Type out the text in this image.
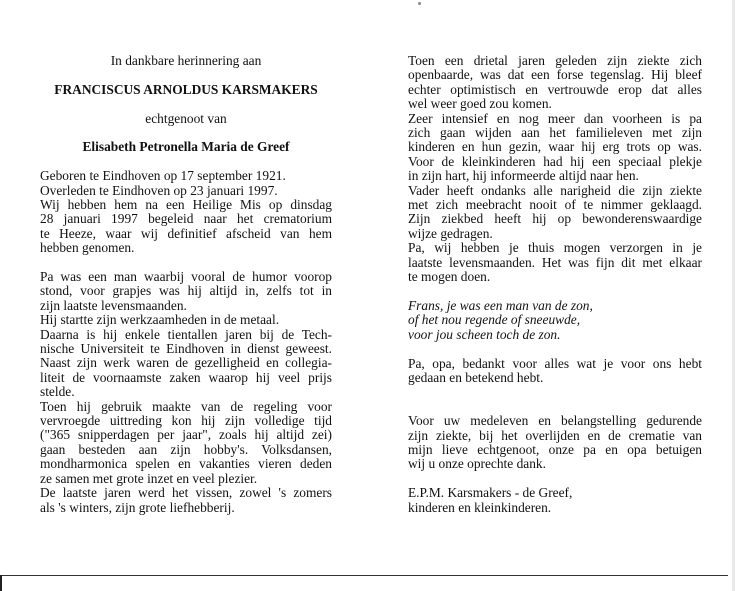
In dankbare herinnering aan
FRANCISCUS ARNOLDUS KARSMAKERS
echtgenoot van
Elisabeth Petronella Maria de Greef
Geboren te Eindhoven op 17 september 1921.
Overleden te Eindhoven op 23 januari 1997.
Wij hebben hem na een Heilige Mis op dinsdag
28 januari 1997 begeleid naar het crematorium
te Heeze, waar wij definitief afscheid van hem
hebben genomen.
Pa was een man waarbij vooral de humor voorop
stond, voor grapjes was hij altijd in, zelfs tot in
zijn laatste levensmaanden.
Hij startte zijn werkzaamheden in de metaal.
Daarna is hij enkele tientallen jaren bij de Tech-
nische Universiteit te Eindhoven in dienst geweest.
Naast zijn werk waren de gezelligheid en collegia-
liteit de voornaamste zaken waarop hij veel prijs
stelde.
Toen hij gebruik maakte van de regeling voor
vervroegde uittreding kon hij zijn volledige tijd
("365 snipperdagen per jaar", zoals hij altijd zei)
gaan besteden aan zijn hobby's. Volksdansen,
mondharmonica spelen en vakanties vieren deden
ze samen met grote inzet en veel plezier.
De laatste jaren werd het vissen, zowel 's zomers
als 's winters, zijn grote liefhebberij.
Toen een drietal jaren geleden zijn ziekte zich
openbaarde, was dat een forse tegenslag. Hij bleef
echter optimistisch en vertrouwde erop dat alles
wel weer goed zou komen.
Zeer intensief en nog meer dan voorheen is pa
zich gaan wijden aan het familieleven met zijn
kinderen en hun gezin, waar hij erg trots op was.
Voor de kleinkinderen had hij een speciaal plekje
in zijn hart, hij informeerde altijd naar hen.
Vader heeft ondanks alle narigheid die zijn ziekte
met zich meebracht nooit of te nimmer geklaagd.
Zijn ziekbed heeft hij op bewonderenswaardige
wijze gedragen.
Pa, wij hebben je thuis mogen verzorgen in je
laatste levensmaanden. Het was fijn dit met elkaar
te mogen doen.
Frans, je was een man van de zon,
of het nou regende of sneeuwde,
voor jou scheen toch de zon.
Pa, opa, bedankt voor alles wat je voor ons hebt
gedaan en betekend hebt.
Voor uw medeleven en belangstelling gedurende
zijn ziekte, bij het overlijden en de crematie van
mijn lieve echtgenoot, onze pa en opa betuigen
wij u onze oprechte dank.
E.P.M. Karsmakers - de Greef,
kinderen en kleinkinderen.
